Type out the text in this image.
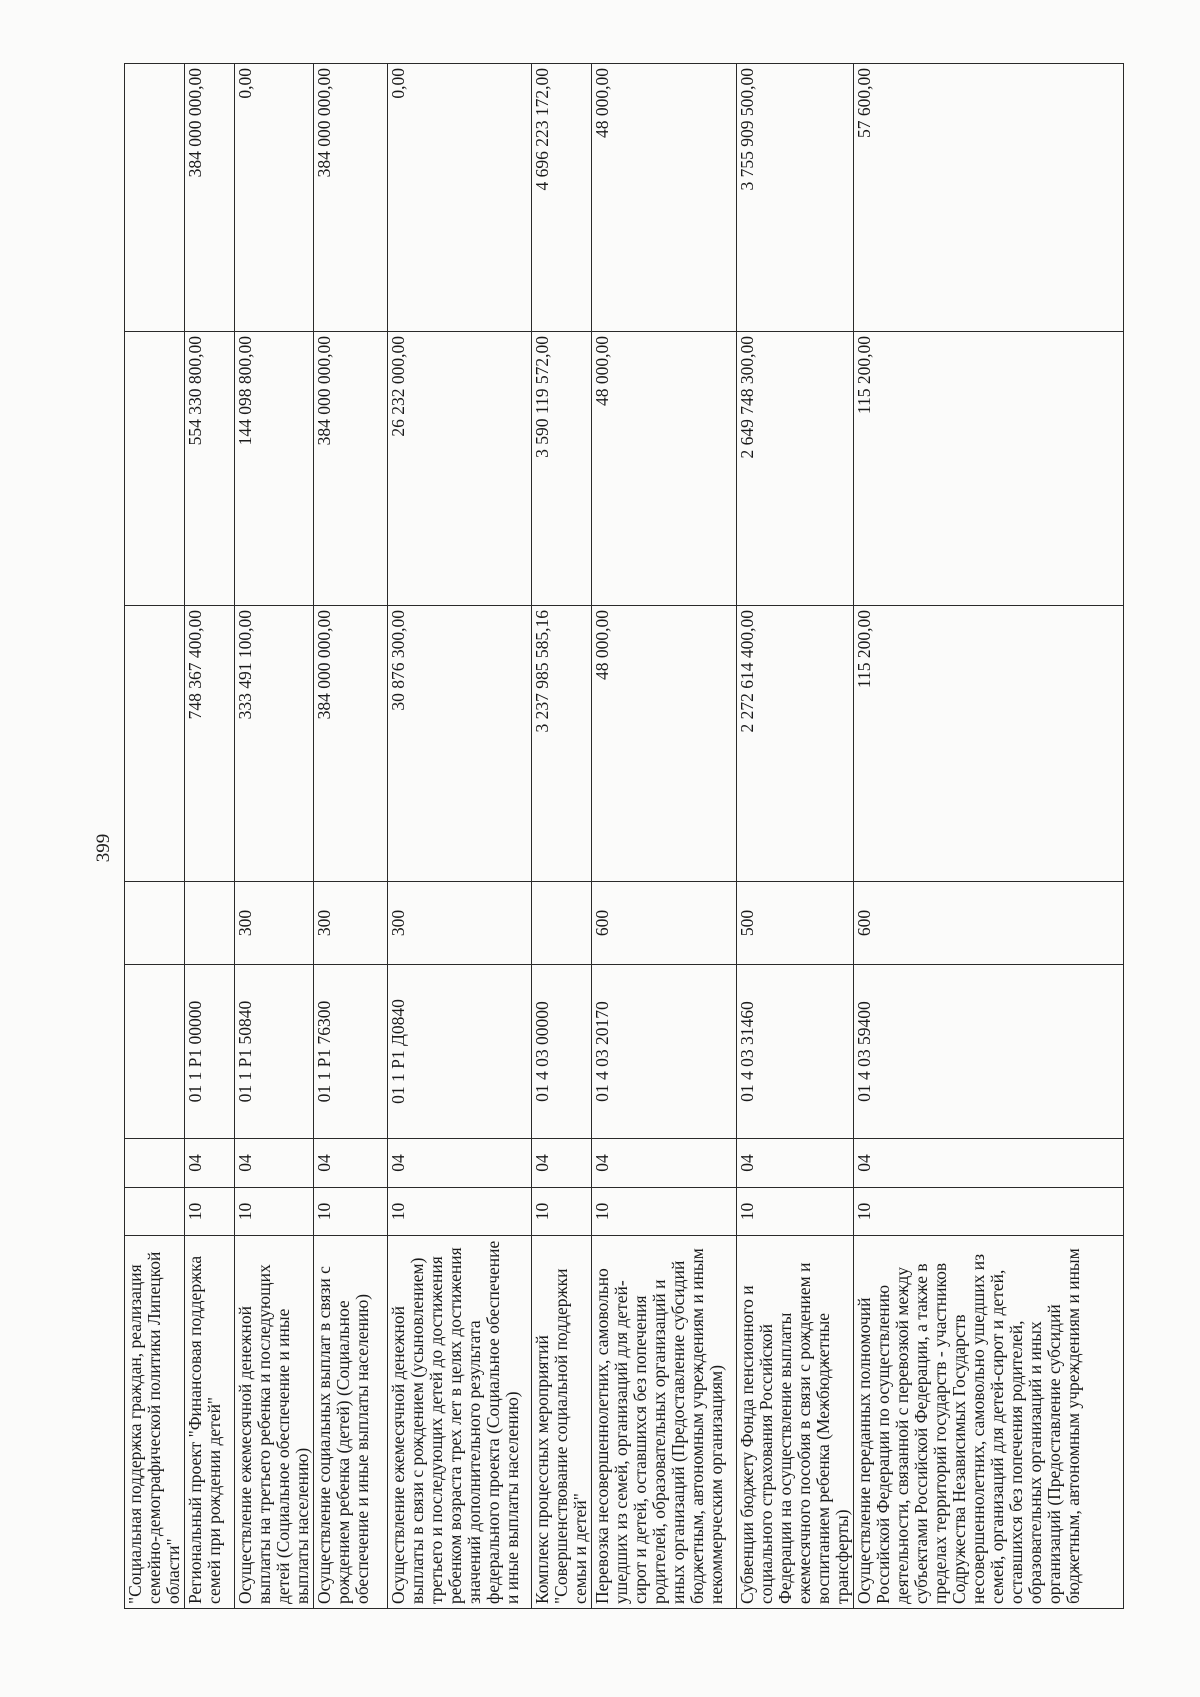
399
"Социальная поддержка граждан, реализация семейно-демографической политики Липецкой области"							
Региональный проект "Финансовая поддержка семей при рождении детей"	10	04	01 1 P1 00000		748 367 400,00	554 330 800,00	384 000 000,00
Осуществление ежемесячной денежной выплаты на третьего ребенка и последующих детей (Социальное обеспечение и иные выплаты населению)	10	04	01 1 P1 50840	300	333 491 100,00	144 098 800,00	0,00
Осуществление социальных выплат в связи с рождением ребенка (детей) (Социальное обеспечение и иные выплаты населению)	10	04	01 1 P1 76300	300	384 000 000,00	384 000 000,00	384 000 000,00
Осуществление ежемесячной денежной выплаты в связи с рождением (усыновлением) третьего и последующих детей до достижения ребенком возраста трех лет в целях достижения значений дополнительного результата федерального проекта (Социальное обеспечение и иные выплаты населению)	10	04	01 1 P1 Д0840	300	30 876 300,00	26 232 000,00	0,00
Комплекс процессных мероприятий "Совершенствование социальной поддержки семьи и детей"	10	04	01 4 03 00000		3 237 985 585,16	3 590 119 572,00	4 696 223 172,00
Перевозка несовершеннолетних, самовольно ушедших из семей, организаций для детей-сирот и детей, оставшихся без попечения родителей, образовательных организаций и иных организаций (Предоставление субсидий бюджетным, автономным учреждениям и иным некоммерческим организациям)	10	04	01 4 03 20170	600	48 000,00	48 000,00	48 000,00
Субвенции бюджету Фонда пенсионного и социального страхования Российской Федерации на осуществление выплаты ежемесячного пособия в связи с рождением и воспитанием ребенка (Межбюджетные трансферты)	10	04	01 4 03 31460	500	2 272 614 400,00	2 649 748 300,00	3 755 909 500,00
Осуществление переданных полномочий Российской Федерации по осуществлению деятельности, связанной с перевозкой между субъектами Российской Федерации, а также в пределах территорий государств - участников Содружества Независимых Государств несовершеннолетних, самовольно ушедших из семей, организаций для детей-сирот и детей, оставшихся без попечения родителей, образовательных организаций и иных организаций (Предоставление субсидий бюджетным, автономным учреждениям и иным	10	04	01 4 03 59400	600	115 200,00	115 200,00	57 600,00
